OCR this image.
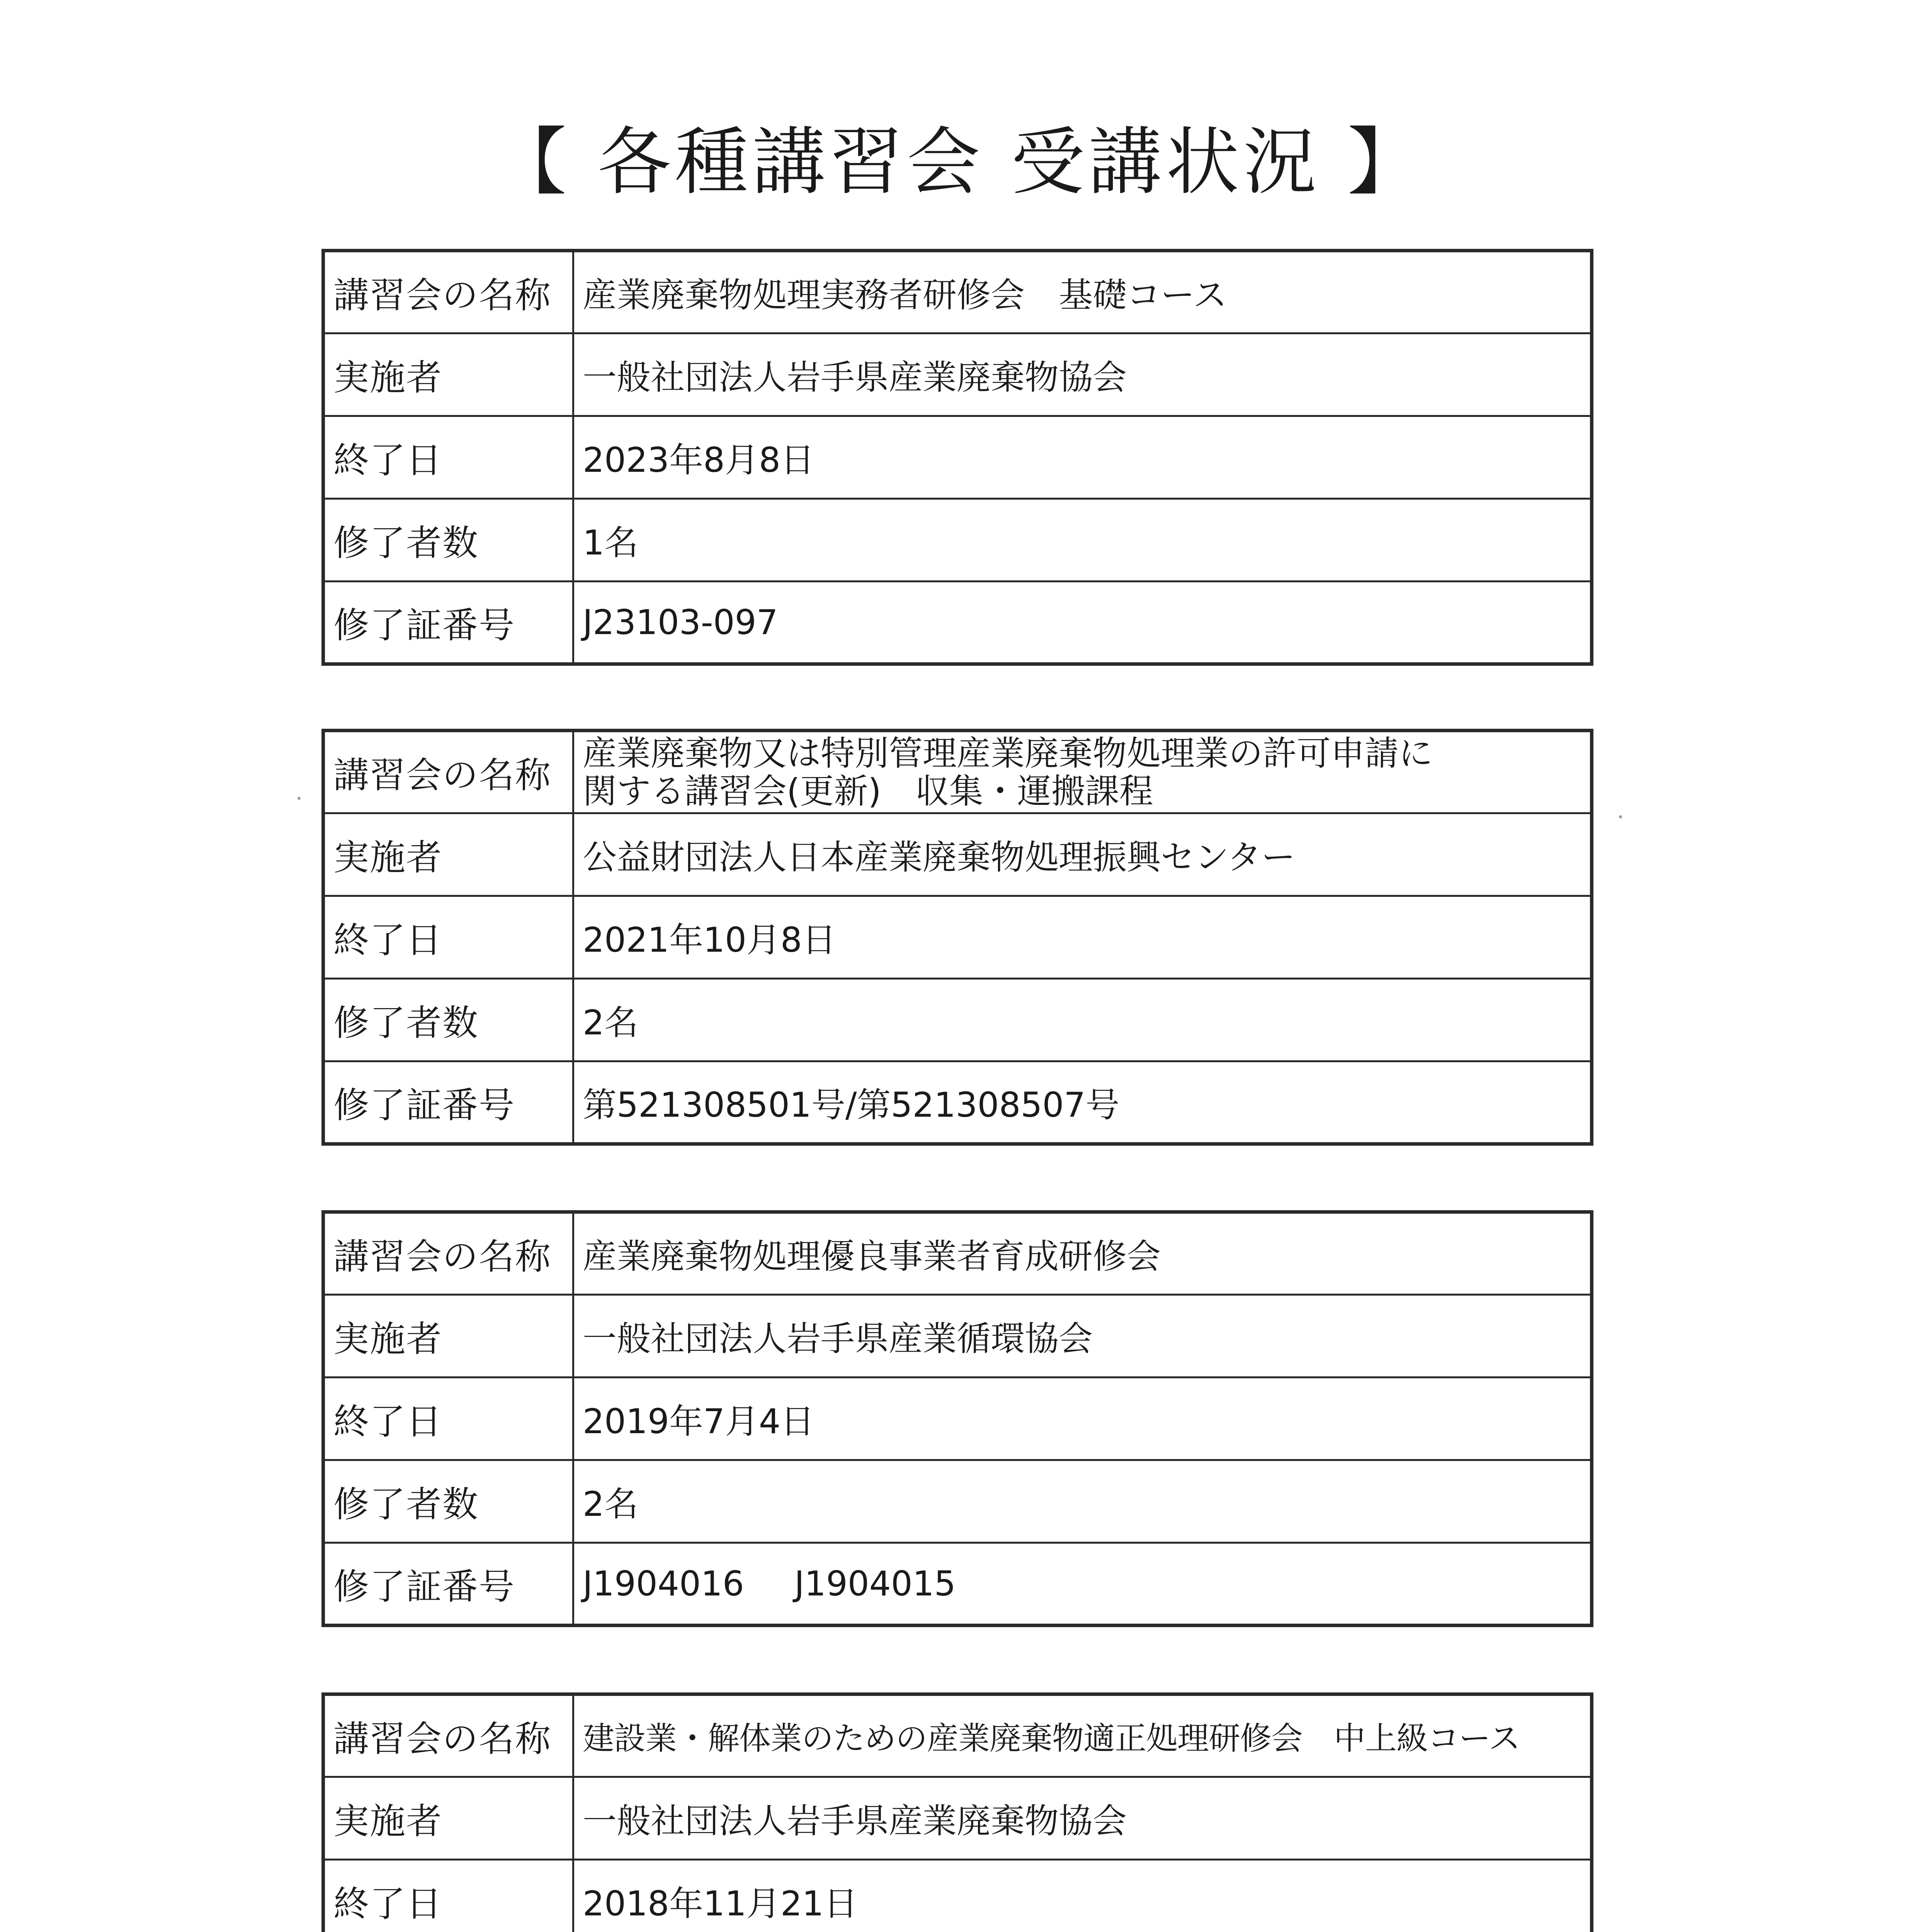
【 各種講習会 受講状況 】
講習会の名称	産業廃棄物処理実務者研修会　基礎コース
実施者	一般社団法人岩手県産業廃棄物協会
終了日	2023年8月8日
修了者数	1名
修了証番号	J23103-097
講習会の名称	産業廃棄物又は特別管理産業廃棄物処理業の許可申請に
関する講習会(更新)　収集・運搬課程

実施者	公益財団法人日本産業廃棄物処理振興センター
終了日	2021年10月8日
修了者数	2名
修了証番号	第521308501号/第521308507号
講習会の名称	産業廃棄物処理優良事業者育成研修会
実施者	一般社団法人岩手県産業循環協会
終了日	2019年7月4日
修了者数	2名
修了証番号	J1904016 J1904015
講習会の名称	建設業・解体業のための産業廃棄物適正処理研修会　中上級コース
実施者	一般社団法人岩手県産業廃棄物協会
終了日	2018年11月21日
